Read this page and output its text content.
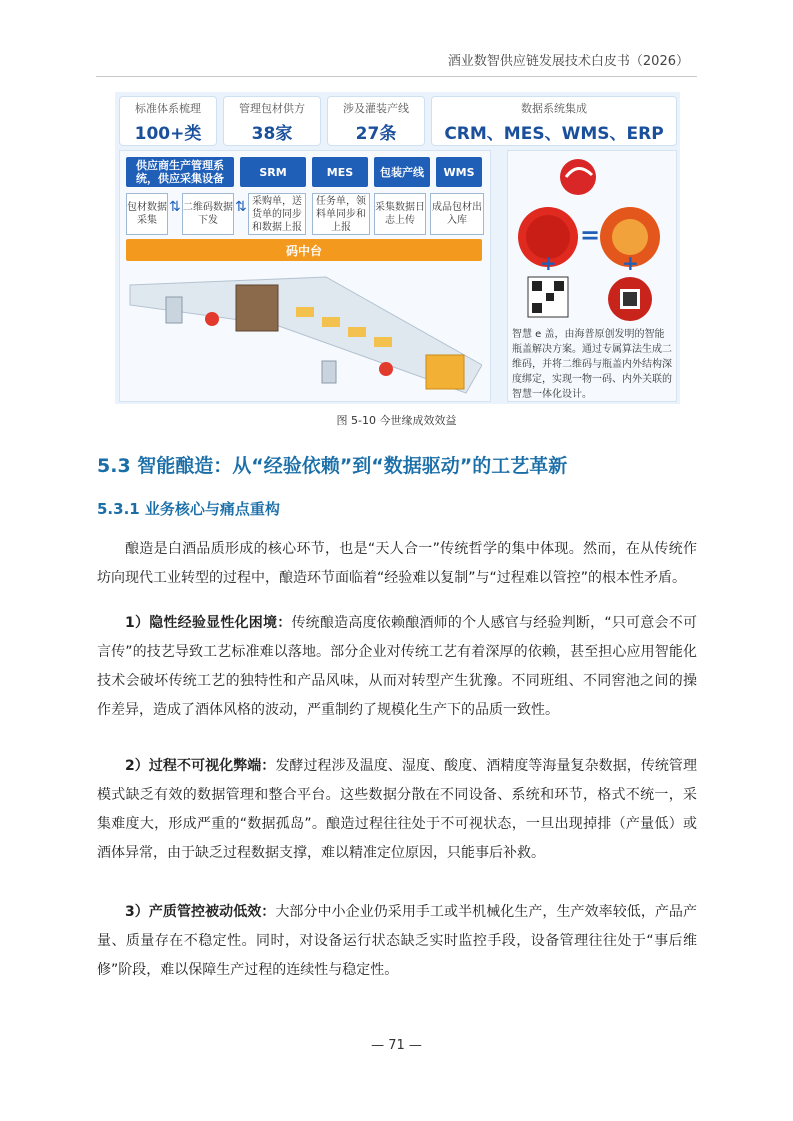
酒业数智供应链发展技术白皮书（2026）
标准体系梳理
100+类
管理包材供方
38家
涉及灌装产线
27条
数据系统集成
CRM、MES、WMS、ERP
供应商生产管理系统，供应采集设备	SRM	MES	包装产线	WMS
包材数据采集
⇅ 二维码数据下发
⇅ 采购单，送货单的同步和数据上报
任务单，领料单同步和上报
采集数据日志上传
成品包材出入库
码中台
=
+	+
智慧 e 盖，由海普原创发明的智能瓶盖解决方案。通过专属算法生成二维码，并将二维码与瓶盖内外结构深度绑定，实现一物一码、内外关联的智慧一体化设计。
图 5-10 今世缘成效效益
5.3 智能酿造：从“经验依赖”到“数据驱动”的工艺革新
5.3.1 业务核心与痛点重构
酿造是白酒品质形成的核心环节，也是“天人合一”传统哲学的集中体现。然而，在从传统作坊向现代工业转型的过程中，酿造环节面临着“经验难以复制”与“过程难以管控”的根本性矛盾。
1）隐性经验显性化困境：传统酿造高度依赖酿酒师的个人感官与经验判断，“只可意会不可言传”的技艺导致工艺标准难以落地。部分企业对传统工艺有着深厚的依赖，甚至担心应用智能化技术会破坏传统工艺的独特性和产品风味，从而对转型产生犹豫。不同班组、不同窖池之间的操作差异，造成了酒体风格的波动，严重制约了规模化生产下的品质一致性。
2）过程不可视化弊端：发酵过程涉及温度、湿度、酸度、酒精度等海量复杂数据，传统管理模式缺乏有效的数据管理和整合平台。这些数据分散在不同设备、系统和环节，格式不统一，采集难度大，形成严重的“数据孤岛”。酿造过程往往处于不可视状态，一旦出现掉排（产量低）或酒体异常，由于缺乏过程数据支撑，难以精准定位原因，只能事后补救。
3）产质管控被动低效：大部分中小企业仍采用手工或半机械化生产，生产效率较低，产品产量、质量存在不稳定性。同时，对设备运行状态缺乏实时监控手段，设备管理往往处于“事后维修”阶段，难以保障生产过程的连续性与稳定性。
— 71 —
